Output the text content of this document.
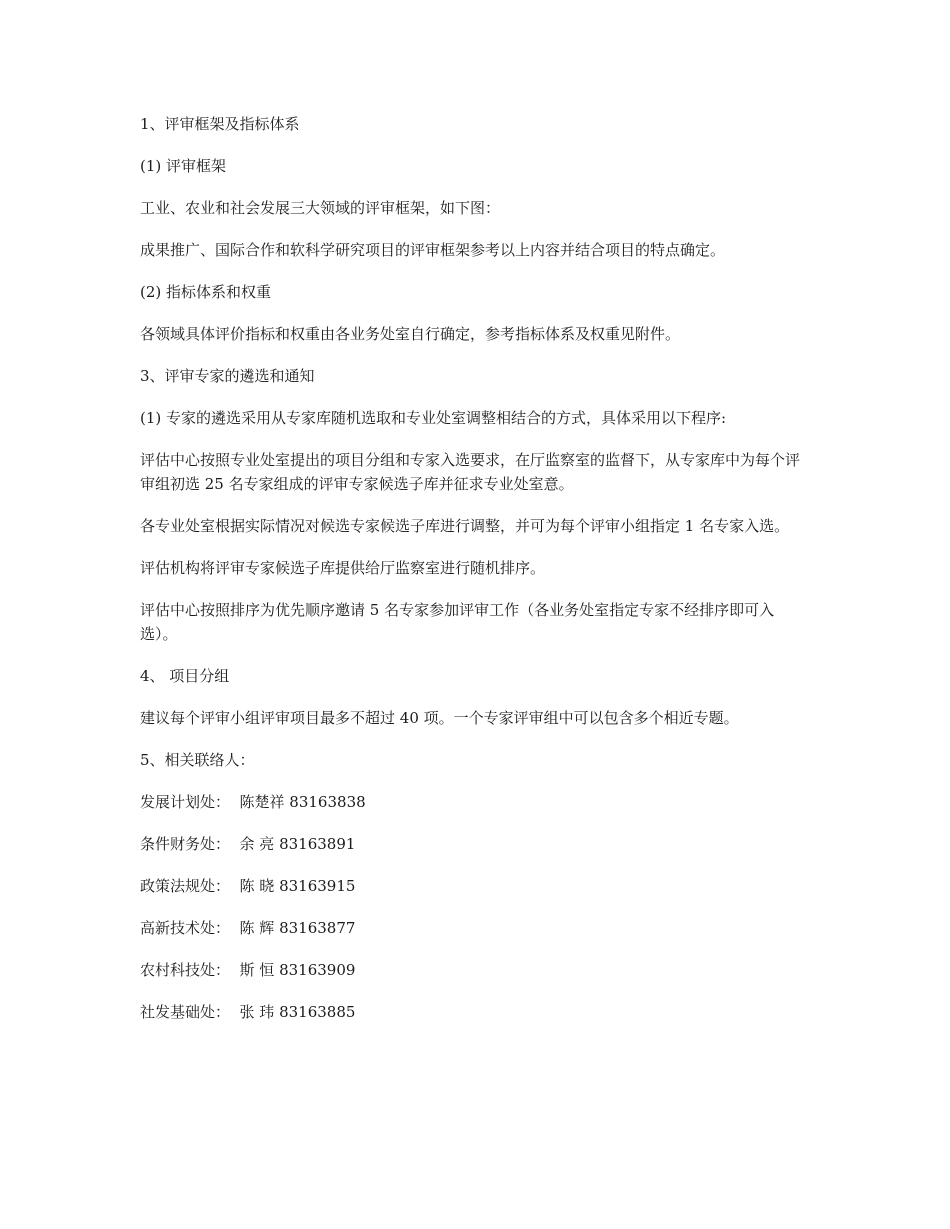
1、评审框架及指标体系

(1) 评审框架

工业、农业和社会发展三大领域的评审框架，如下图：

成果推广、国际合作和软科学研究项目的评审框架参考以上内容并结合项目的特点确定。

(2) 指标体系和权重

各领域具体评价指标和权重由各业务处室自行确定，参考指标体系及权重见附件。

3、评审专家的遴选和通知

(1) 专家的遴选采用从专家库随机选取和专业处室调整相结合的方式，具体采用以下程序:

评估中心按照专业处室提出的项目分组和专家入选要求，在厅监察室的监督下，从专家库中为每个评审组初选 25 名专家组成的评审专家候选子库并征求专业处室意。

各专业处室根据实际情况对候选专家候选子库进行调整，并可为每个评审小组指定 1 名专家入选。

评估机构将评审专家候选子库提供给厅监察室进行随机排序。

评估中心按照排序为优先顺序邀请 5 名专家参加评审工作（各业务处室指定专家不经排序即可入选）。

4、 项目分组

建议每个评审小组评审项目最多不超过 40 项。一个专家评审组中可以包含多个相近专题。

5、相关联络人：

发展计划处：  陈楚祥 83163838

条件财务处：  余 亮 83163891

政策法规处：  陈 晓 83163915

高新技术处：  陈 辉 83163877

农村科技处：  斯 恒 83163909

社发基础处：  张 玮 83163885
